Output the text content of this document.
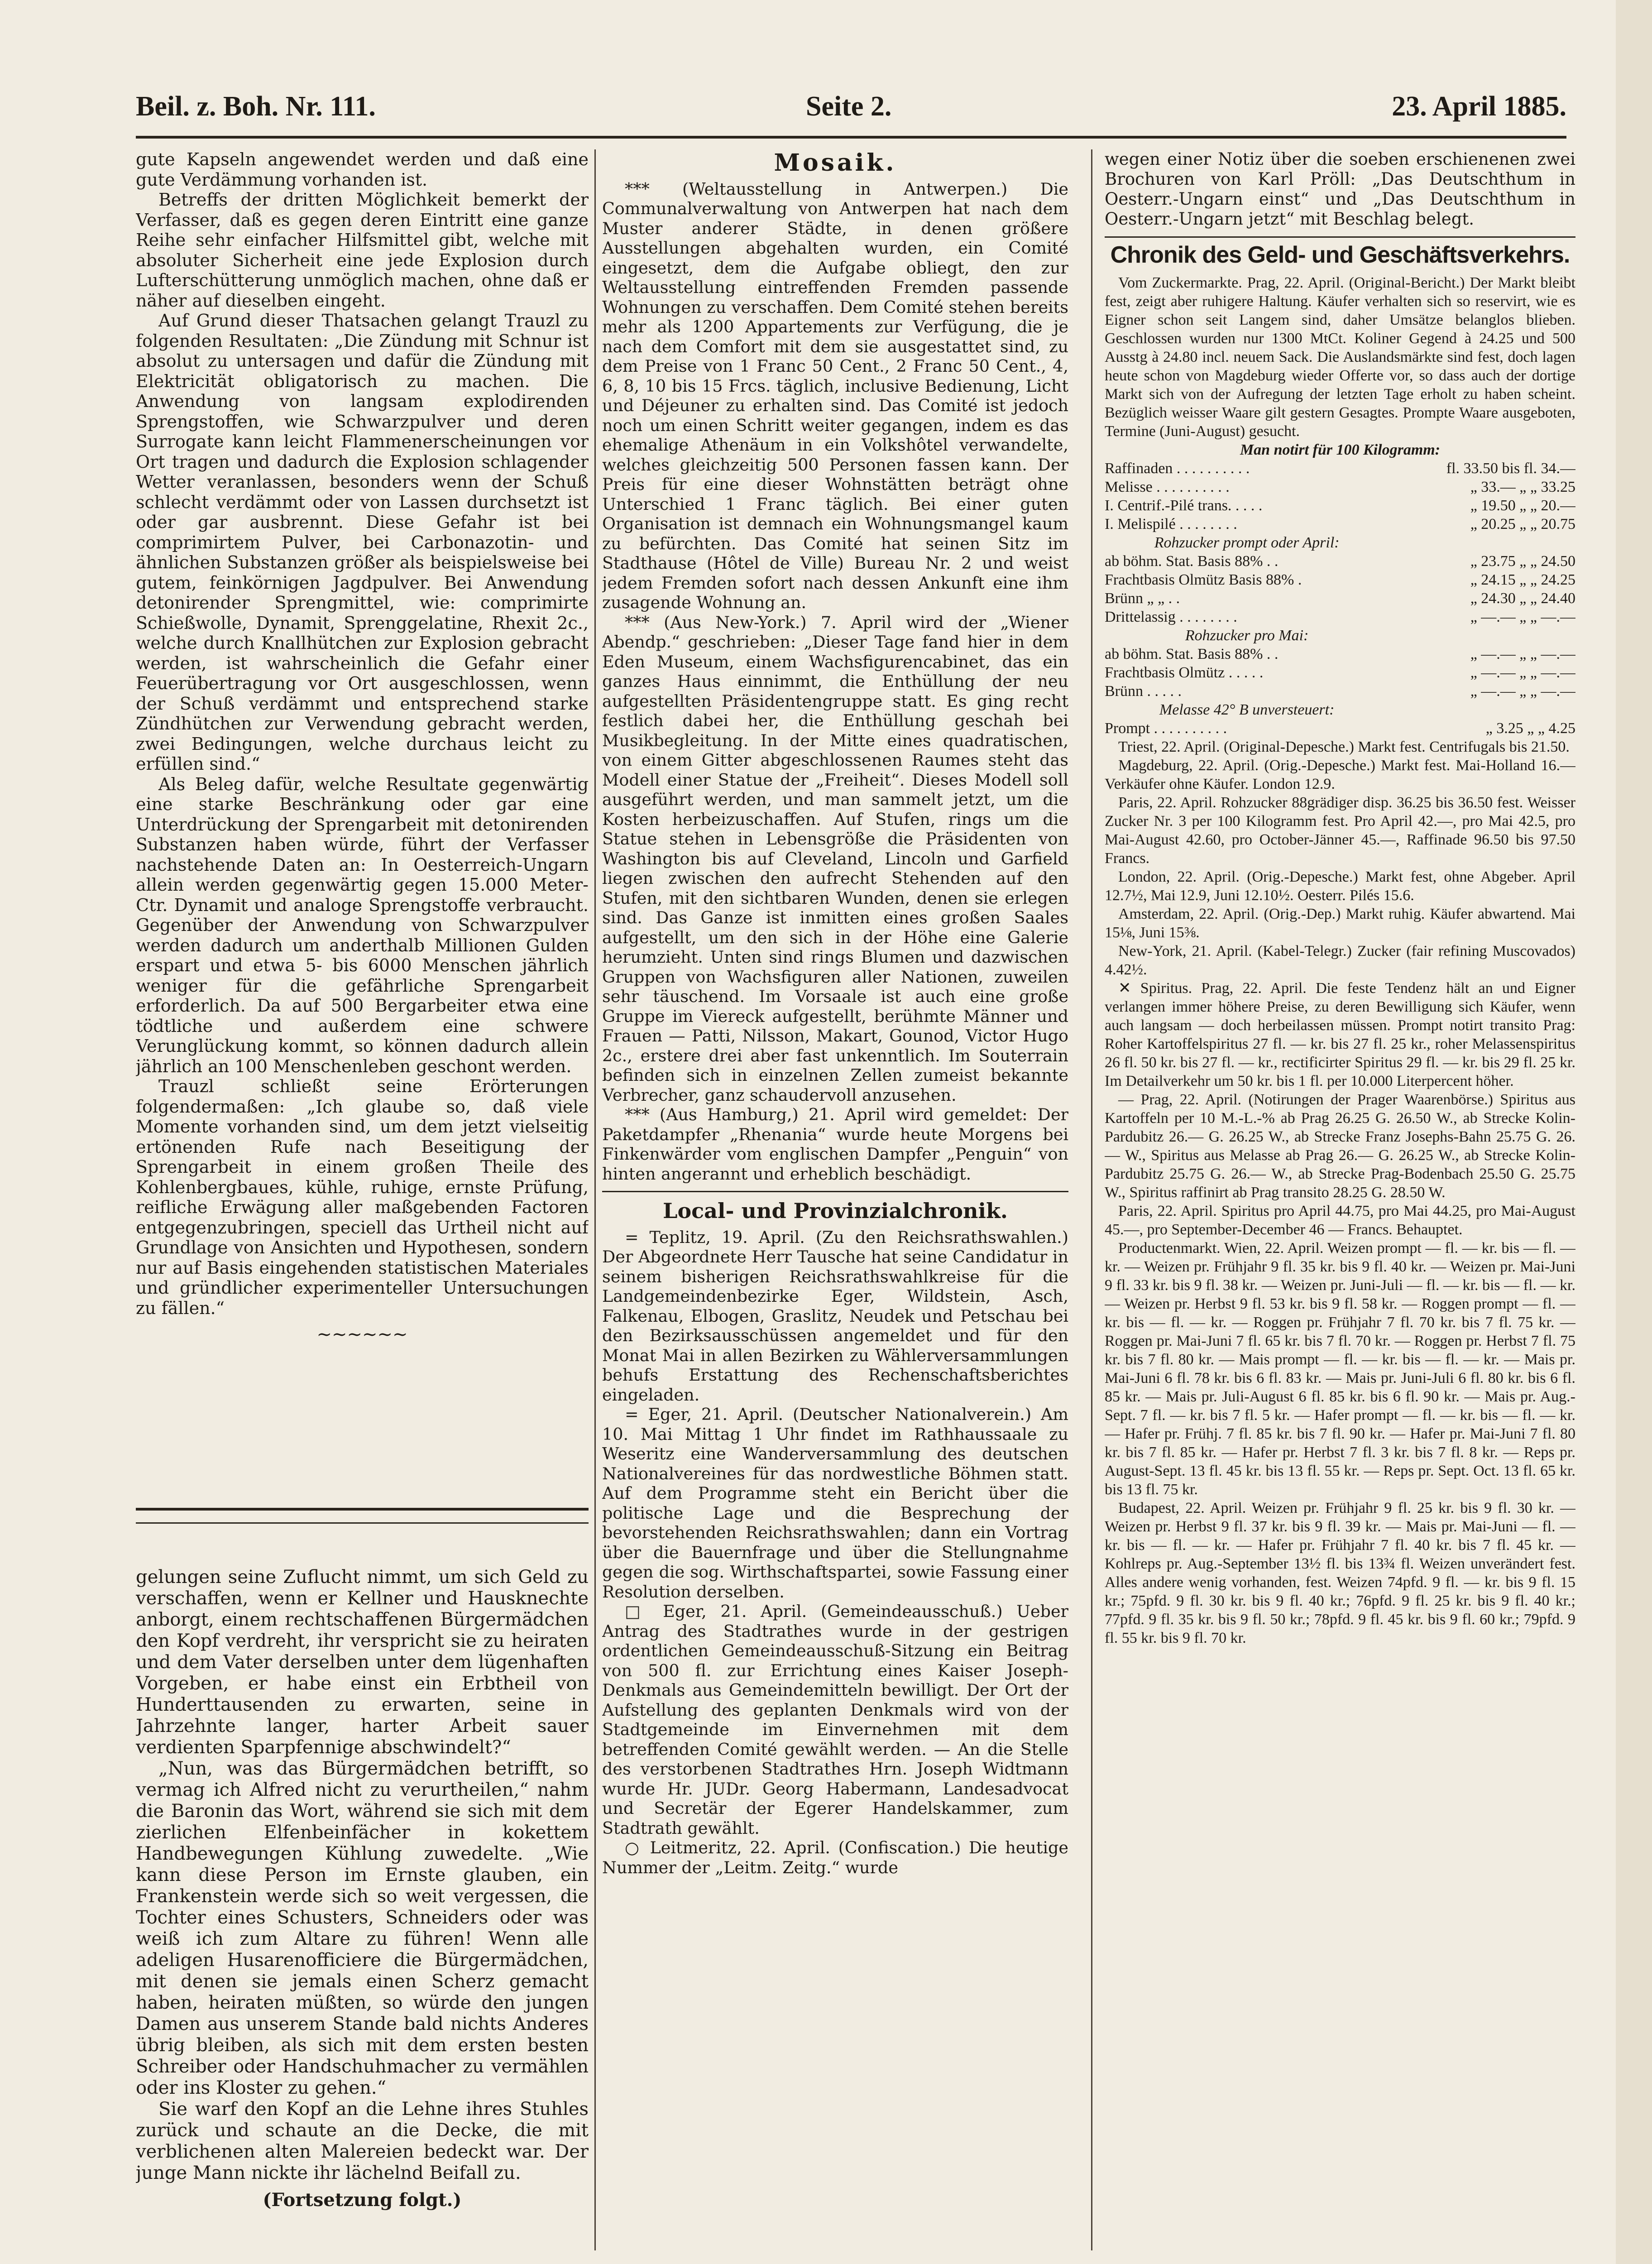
Beil. z. Boh. Nr. 111.	Seite 2.	23. April 1885.

gute Kapseln angewendet werden und daß eine gute Verdämmung vorhanden ist.

Betreffs der dritten Möglichkeit bemerkt der Verfasser, daß es gegen deren Eintritt eine ganze Reihe sehr einfacher Hilfsmittel gibt, welche mit absoluter Sicherheit eine jede Explosion durch Lufterschütterung unmöglich machen, ohne daß er näher auf dieselben eingeht.

Auf Grund dieser Thatsachen gelangt Trauzl zu folgenden Resultaten: „Die Zündung mit Schnur ist absolut zu untersagen und dafür die Zündung mit Elektricität obligatorisch zu machen. Die Anwendung von langsam explodirenden Sprengstoffen, wie Schwarzpulver und deren Surrogate kann leicht Flammenerscheinungen vor Ort tragen und dadurch die Explosion schlagender Wetter veranlassen, besonders wenn der Schuß schlecht verdämmt oder von Lassen durchsetzt ist oder gar ausbrennt. Diese Gefahr ist bei comprimirtem Pulver, bei Carbonazotin- und ähnlichen Substanzen größer als beispielsweise bei gutem, feinkörnigen Jagdpulver. Bei Anwendung detonirender Sprengmittel, wie: comprimirte Schießwolle, Dynamit, Sprenggelatine, Rhexit 2c., welche durch Knallhütchen zur Explosion gebracht werden, ist wahrscheinlich die Gefahr einer Feuerübertragung vor Ort ausgeschlossen, wenn der Schuß verdämmt und entsprechend starke Zündhütchen zur Verwendung gebracht werden, zwei Bedingungen, welche durchaus leicht zu erfüllen sind.“

Als Beleg dafür, welche Resultate gegenwärtig eine starke Beschränkung oder gar eine Unterdrückung der Sprengarbeit mit detonirenden Substanzen haben würde, führt der Verfasser nachstehende Daten an: In Oesterreich-Ungarn allein werden gegenwärtig gegen 15.000 Meter-Ctr. Dynamit und analoge Sprengstoffe verbraucht. Gegenüber der Anwendung von Schwarzpulver werden dadurch um anderthalb Millionen Gulden erspart und etwa 5- bis 6000 Menschen jährlich weniger für die gefährliche Sprengarbeit erforderlich. Da auf 500 Bergarbeiter etwa eine tödtliche und außerdem eine schwere Verunglückung kommt, so können dadurch allein jährlich an 100 Menschenleben geschont werden.

Trauzl schließt seine Erörterungen folgendermaßen: „Ich glaube so, daß viele Momente vorhanden sind, um dem jetzt vielseitig ertönenden Rufe nach Beseitigung der Sprengarbeit in einem großen Theile des Kohlenbergbaues, kühle, ruhige, ernste Prüfung, reifliche Erwägung aller maßgebenden Factoren entgegenzubringen, speciell das Urtheil nicht auf Grundlage von Ansichten und Hypothesen, sondern nur auf Basis eingehenden statistischen Materiales und gründlicher experimenteller Untersuchungen zu fällen.“

~~~~~~

gelungen seine Zuflucht nimmt, um sich Geld zu verschaffen, wenn er Kellner und Hausknechte anborgt, einem rechtschaffenen Bürgermädchen den Kopf verdreht, ihr verspricht sie zu heiraten und dem Vater derselben unter dem lügenhaften Vorgeben, er habe einst ein Erbtheil von Hunderttausenden zu erwarten, seine in Jahrzehnte langer, harter Arbeit sauer verdienten Sparpfennige abschwindelt?“

„Nun, was das Bürgermädchen betrifft, so vermag ich Alfred nicht zu verurtheilen,“ nahm die Baronin das Wort, während sie sich mit dem zierlichen Elfenbeinfächer in kokettem Handbewegungen Kühlung zuwedelte. „Wie kann diese Person im Ernste glauben, ein Frankenstein werde sich so weit vergessen, die Tochter eines Schusters, Schneiders oder was weiß ich zum Altare zu führen! Wenn alle adeligen Husarenofficiere die Bürgermädchen, mit denen sie jemals einen Scherz gemacht haben, heiraten müßten, so würde den jungen Damen aus unserem Stande bald nichts Anderes übrig bleiben, als sich mit dem ersten besten Schreiber oder Handschuhmacher zu vermählen oder ins Kloster zu gehen.“

Sie warf den Kopf an die Lehne ihres Stuhles zurück und schaute an die Decke, die mit verblichenen alten Malereien bedeckt war. Der junge Mann nickte ihr lächelnd Beifall zu.

(Fortsetzung folgt.)
Mosaik.

*** (Weltausstellung in Antwerpen.) Die Communalverwaltung von Antwerpen hat nach dem Muster anderer Städte, in denen größere Ausstellungen abgehalten wurden, ein Comité eingesetzt, dem die Aufgabe obliegt, den zur Weltausstellung eintreffenden Fremden passende Wohnungen zu verschaffen. Dem Comité stehen bereits mehr als 1200 Appartements zur Verfügung, die je nach dem Comfort mit dem sie ausgestattet sind, zu dem Preise von 1 Franc 50 Cent., 2 Franc 50 Cent., 4, 6, 8, 10 bis 15 Frcs. täglich, inclusive Bedienung, Licht und Déjeuner zu erhalten sind. Das Comité ist jedoch noch um einen Schritt weiter gegangen, indem es das ehemalige Athenäum in ein Volkshôtel verwandelte, welches gleichzeitig 500 Personen fassen kann. Der Preis für eine dieser Wohnstätten beträgt ohne Unterschied 1 Franc täglich. Bei einer guten Organisation ist demnach ein Wohnungsmangel kaum zu befürchten. Das Comité hat seinen Sitz im Stadthause (Hôtel de Ville) Bureau Nr. 2 und weist jedem Fremden sofort nach dessen Ankunft eine ihm zusagende Wohnung an.

*** (Aus New-York.) 7. April wird der „Wiener Abendp.“ geschrieben: „Dieser Tage fand hier in dem Eden Museum, einem Wachsfigurencabinet, das ein ganzes Haus einnimmt, die Enthüllung der neu aufgestellten Präsidentengruppe statt. Es ging recht festlich dabei her, die Enthüllung geschah bei Musikbegleitung. In der Mitte eines quadratischen, von einem Gitter abgeschlossenen Raumes steht das Modell einer Statue der „Freiheit“. Dieses Modell soll ausgeführt werden, und man sammelt jetzt, um die Kosten herbeizuschaffen. Auf Stufen, rings um die Statue stehen in Lebensgröße die Präsidenten von Washington bis auf Cleveland, Lincoln und Garfield liegen zwischen den aufrecht Stehenden auf den Stufen, mit den sichtbaren Wunden, denen sie erlegen sind. Das Ganze ist inmitten eines großen Saales aufgestellt, um den sich in der Höhe eine Galerie herumzieht. Unten sind rings Blumen und dazwischen Gruppen von Wachsfiguren aller Nationen, zuweilen sehr täuschend. Im Vorsaale ist auch eine große Gruppe im Viereck aufgestellt, berühmte Männer und Frauen — Patti, Nilsson, Makart, Gounod, Victor Hugo 2c., erstere drei aber fast unkenntlich. Im Souterrain befinden sich in einzelnen Zellen zumeist bekannte Verbrecher, ganz schaudervoll anzusehen.

*** (Aus Hamburg,) 21. April wird gemeldet: Der Paketdampfer „Rhenania“ wurde heute Morgens bei Finkenwärder vom englischen Dampfer „Penguin“ von hinten angerannt und erheblich beschädigt.

Local- und Provinzialchronik.

= Teplitz, 19. April. (Zu den Reichsrathswahlen.) Der Abgeordnete Herr Tausche hat seine Candidatur in seinem bisherigen Reichsrathswahlkreise für die Landgemeindenbezirke Eger, Wildstein, Asch, Falkenau, Elbogen, Graslitz, Neudek und Petschau bei den Bezirksausschüssen angemeldet und für den Monat Mai in allen Bezirken zu Wählerversammlungen behufs Erstattung des Rechenschaftsberichtes eingeladen.

= Eger, 21. April. (Deutscher Nationalverein.) Am 10. Mai Mittag 1 Uhr findet im Rathhaussaale zu Weseritz eine Wanderversammlung des deutschen Nationalvereines für das nordwestliche Böhmen statt. Auf dem Programme steht ein Bericht über die politische Lage und die Besprechung der bevorstehenden Reichsrathswahlen; dann ein Vortrag über die Bauernfrage und über die Stellungnahme gegen die sog. Wirthschaftspartei, sowie Fassung einer Resolution derselben.

□ Eger, 21. April. (Gemeindeausschuß.) Ueber Antrag des Stadtrathes wurde in der gestrigen ordentlichen Gemeindeausschuß-Sitzung ein Beitrag von 500 fl. zur Errichtung eines Kaiser Joseph-Denkmals aus Gemeindemitteln bewilligt. Der Ort der Aufstellung des geplanten Denkmals wird von der Stadtgemeinde im Einvernehmen mit dem betreffenden Comité gewählt werden. — An die Stelle des verstorbenen Stadtrathes Hrn. Joseph Widtmann wurde Hr. JUDr. Georg Habermann, Landesadvocat und Secretär der Egerer Handelskammer, zum Stadtrath gewählt.

○ Leitmeritz, 22. April. (Confiscation.) Die heutige Nummer der „Leitm. Zeitg.“ wurde

wegen einer Notiz über die soeben erschienenen zwei Brochuren von Karl Pröll: „Das Deutschthum in Oesterr.-Ungarn einst“ und „Das Deutschthum in Oesterr.-Ungarn jetzt“ mit Beschlag belegt.

Chronik des Geld- und Geschäftsverkehrs.

Vom Zuckermarkte. Prag, 22. April. (Original-Bericht.) Der Markt bleibt fest, zeigt aber ruhigere Haltung. Käufer verhalten sich so reservirt, wie es Eigner schon seit Langem sind, daher Umsätze belanglos blieben. Geschlossen wurden nur 1300 MtCt. Koliner Gegend à 24.25 und 500 Ausstg à 24.80 incl. neuem Sack. Die Auslandsmärkte sind fest, doch lagen heute schon von Magdeburg wieder Offerte vor, so dass auch der dortige Markt sich von der Aufregung der letzten Tage erholt zu haben scheint. Bezüglich weisser Waare gilt gestern Gesagtes. Prompte Waare ausgeboten, Termine (Juni-August) gesucht.

Man notirt für 100 Kilogramm:
Raffinaden . . . . . . . . . .	fl. 33.50 bis fl. 34.—
Melisse . . . . . . . . . .	„ 33.— „ „ 33.25
I. Centrif.-Pilé trans. . . . .	„ 19.50 „ „ 20.—
I. Melispilé . . . . . . . .	„ 20.25 „ „ 20.75
Rohzucker prompt oder April:	
ab böhm. Stat. Basis 88% . .	„ 23.75 „ „ 24.50
Frachtbasis Olmütz Basis 88% .	„ 24.15 „ „ 24.25
Brünn „ „ . .	„ 24.30 „ „ 24.40
Drittelassig . . . . . . . .	„ —.— „ „ —.—
Rohzucker pro Mai:	
ab böhm. Stat. Basis 88% . .	„ —.— „ „ —.—
Frachtbasis Olmütz . . . . .	„ —.— „ „ —.—
Brünn . . . . .	„ —.— „ „ —.—
Melasse 42° B unversteuert:	
Prompt . . . . . . . . . .	„ 3.25 „ „ 4.25

Triest, 22. April. (Original-Depesche.) Markt fest. Centrifugals bis 21.50.

Magdeburg, 22. April. (Orig.-Depesche.) Markt fest. Mai-Holland 16.— Verkäufer ohne Käufer. London 12.9.

Paris, 22. April. Rohzucker 88grädiger disp. 36.25 bis 36.50 fest. Weisser Zucker Nr. 3 per 100 Kilogramm fest. Pro April 42.—, pro Mai 42.5, pro Mai-August 42.60, pro October-Jänner 45.—, Raffinade 96.50 bis 97.50 Francs.

London, 22. April. (Orig.-Depesche.) Markt fest, ohne Abgeber. April 12.7½, Mai 12.9, Juni 12.10½. Oesterr. Pilés 15.6.

Amsterdam, 22. April. (Orig.-Dep.) Markt ruhig. Käufer abwartend. Mai 15⅛, Juni 15⅜.

New-York, 21. April. (Kabel-Telegr.) Zucker (fair refining Muscovados) 4.42½.

✕ Spiritus. Prag, 22. April. Die feste Tendenz hält an und Eigner verlangen immer höhere Preise, zu deren Bewilligung sich Käufer, wenn auch langsam — doch herbeilassen müssen. Prompt notirt transito Prag: Roher Kartoffelspiritus 27 fl. — kr. bis 27 fl. 25 kr., roher Melassenspiritus 26 fl. 50 kr. bis 27 fl. — kr., rectificirter Spiritus 29 fl. — kr. bis 29 fl. 25 kr. Im Detailverkehr um 50 kr. bis 1 fl. per 10.000 Literpercent höher.

— Prag, 22. April. (Notirungen der Prager Waarenbörse.) Spiritus aus Kartoffeln per 10 M.-L.-% ab Prag 26.25 G. 26.50 W., ab Strecke Kolin-Pardubitz 26.— G. 26.25 W., ab Strecke Franz Josephs-Bahn 25.75 G. 26.— W., Spiritus aus Melasse ab Prag 26.— G. 26.25 W., ab Strecke Kolin-Pardubitz 25.75 G. 26.— W., ab Strecke Prag-Bodenbach 25.50 G. 25.75 W., Spiritus raffinirt ab Prag transito 28.25 G. 28.50 W.

Paris, 22. April. Spiritus pro April 44.75, pro Mai 44.25, pro Mai-August 45.—, pro September-December 46 — Francs. Behauptet.

Productenmarkt. Wien, 22. April. Weizen prompt — fl. — kr. bis — fl. — kr. — Weizen pr. Frühjahr 9 fl. 35 kr. bis 9 fl. 40 kr. — Weizen pr. Mai-Juni 9 fl. 33 kr. bis 9 fl. 38 kr. — Weizen pr. Juni-Juli — fl. — kr. bis — fl. — kr. — Weizen pr. Herbst 9 fl. 53 kr. bis 9 fl. 58 kr. — Roggen prompt — fl. — kr. bis — fl. — kr. — Roggen pr. Frühjahr 7 fl. 70 kr. bis 7 fl. 75 kr. — Roggen pr. Mai-Juni 7 fl. 65 kr. bis 7 fl. 70 kr. — Roggen pr. Herbst 7 fl. 75 kr. bis 7 fl. 80 kr. — Mais prompt — fl. — kr. bis — fl. — kr. — Mais pr. Mai-Juni 6 fl. 78 kr. bis 6 fl. 83 kr. — Mais pr. Juni-Juli 6 fl. 80 kr. bis 6 fl. 85 kr. — Mais pr. Juli-August 6 fl. 85 kr. bis 6 fl. 90 kr. — Mais pr. Aug.-Sept. 7 fl. — kr. bis 7 fl. 5 kr. — Hafer prompt — fl. — kr. bis — fl. — kr. — Hafer pr. Frühj. 7 fl. 85 kr. bis 7 fl. 90 kr. — Hafer pr. Mai-Juni 7 fl. 80 kr. bis 7 fl. 85 kr. — Hafer pr. Herbst 7 fl. 3 kr. bis 7 fl. 8 kr. — Reps pr. August-Sept. 13 fl. 45 kr. bis 13 fl. 55 kr. — Reps pr. Sept. Oct. 13 fl. 65 kr. bis 13 fl. 75 kr.

Budapest, 22. April. Weizen pr. Frühjahr 9 fl. 25 kr. bis 9 fl. 30 kr. — Weizen pr. Herbst 9 fl. 37 kr. bis 9 fl. 39 kr. — Mais pr. Mai-Juni — fl. — kr. bis — fl. — kr. — Hafer pr. Frühjahr 7 fl. 40 kr. bis 7 fl. 45 kr. — Kohlreps pr. Aug.-September 13½ fl. bis 13¾ fl. Weizen unverändert fest. Alles andere wenig vorhanden, fest. Weizen 74pfd. 9 fl. — kr. bis 9 fl. 15 kr.; 75pfd. 9 fl. 30 kr. bis 9 fl. 40 kr.; 76pfd. 9 fl. 25 kr. bis 9 fl. 40 kr.; 77pfd. 9 fl. 35 kr. bis 9 fl. 50 kr.; 78pfd. 9 fl. 45 kr. bis 9 fl. 60 kr.; 79pfd. 9 fl. 55 kr. bis 9 fl. 70 kr.
